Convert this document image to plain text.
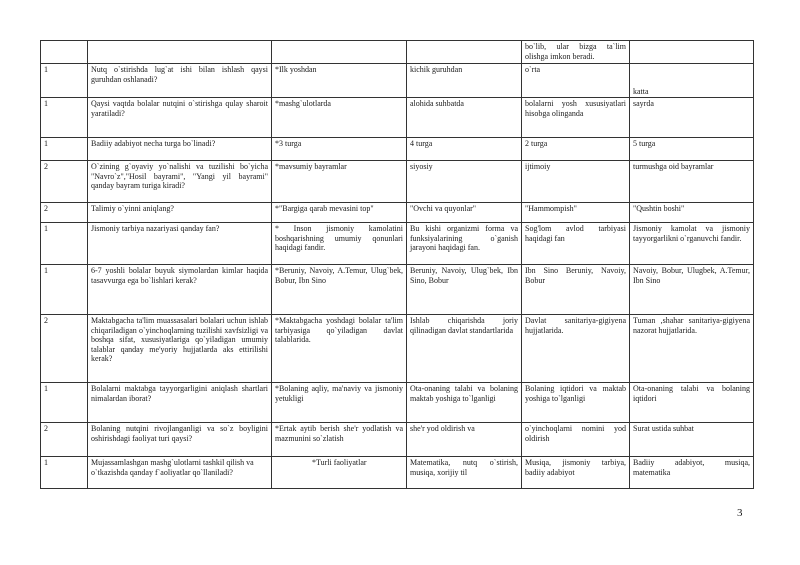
				bo`lib, ular bizga ta`lim olishga imkon beradi.	
1	Nutq o`stirishda lug`at ishi bilan ishlash qaysi guruhdan oshlanadi?	*Ilk yoshdan	kichik guruhdan	o`rta	katta
1	Qaysi vaqtda bolalar nutqini o`stirishga qulay sharoit yaratiladi?	*mashg`ulotlarda	alohida suhbatda	bolalarni yosh xususiyatlari hisobga olinganda	sayrda
1	Badiiy adabiyot necha turga bo`linadi?	*3 turga	4 turga	2 turga	5 turga
2	O`zining g`oyaviy yo`nalishi va tuzilishi bo`yicha "Navro`z","Hosil bayrami", "Yangi yil bayrami" qanday bayram turiga kiradi?	*mavsumiy bayramlar	siyosiy	ijtimoiy	turmushga oid bayramlar
2	Talimiy o`yinni aniqlang?	*"Bargiga qarab mevasini top"	"Ovchi va quyonlar"	"Hammompish"	"Qushtin boshi"
1	Jismoniy tarbiya nazariyasi qanday fan?	* Inson jismoniy kamolatini boshqarishning umumiy qonunlari haqidagi fandir.	Bu kishi organizmi forma va funksiyalarining o`ganish jarayoni haqidagi fan.	Sog'lom avlod tarbiyasi haqidagi fan	Jismoniy kamolat va jismoniy tayyorgarlikni o`rganuvchi fandir.
1	6-7 yoshli bolalar buyuk siymolardan kimlar haqida tasavvurga ega bo`lishlari kerak?	*Beruniy, Navoiy, A.Temur, Ulug`bek, Bobur, Ibn Sino	Beruniy, Navoiy, Ulug`bek, Ibn Sino, Bobur	Ibn Sino Beruniy, Navoiy, Bobur	Navoiy, Bobur, Ulugbek, A.Temur, Ibn Sino
2	Maktabgacha ta'lim muassasalari bolalari uchun ishlab chiqariladigan o`yinchoqlarning tuzilishi xavfsizligi va boshqa sifat, xususiyatlariga qo`yiladigan umumiy talablar qanday me'yoriy hujjatlarda aks ettirilishi kerak?	*Maktabgacha yoshdagi bolalar ta'lim tarbiyasiga qo`yiladigan davlat talablarida.	Ishlab chiqarishda joriy qilinadigan davlat standartlarida	Davlat sanitariya-gigiyena hujjatlarida.	Tuman ,shahar sanitariya-gigiyena nazorat hujjatlarida.
1	Bolalarni maktabga tayyorgarligini aniqlash shartlari nimalardan iborat?	*Bolaning aqliy, ma'naviy va jismoniy yetukligi	Ota-onaning talabi va bolaning maktab yoshiga to`lganligi	Bolaning iqtidori va maktab yoshiga to`lganligi	Ota-onaning talabi va bolaning iqtidori
2	Bolaning nutqini rivojlanganligi va so`z boyligini oshirishdagi faoliyat turi qaysi?	*Ertak aytib berish she'r yodlatish va mazmunini so`zlatish	she'r yod oldirish va	o`yinchoqlarni nomini yod oldirish	Surat ustida suhbat
1	Mujassamlashgan mashg`ulotlarni tashkil qilish va o`tkazishda qanday f`aoliyatlar qo`llaniladi?	*Turli faoliyatlar	Matematika, nutq o`stirish, musiqa, xorijiy til	Musiqa, jismoniy tarbiya, badiiy adabiyot	Badiiy adabiyot, musiqa, matematika
3
